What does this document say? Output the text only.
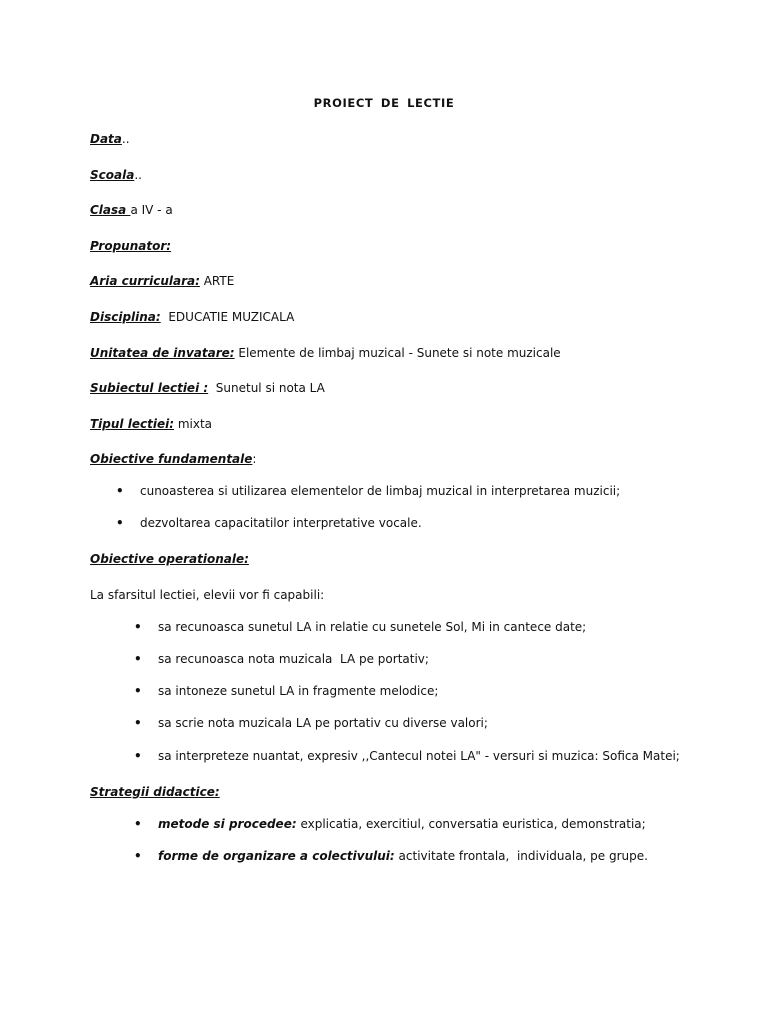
PROIECT DE LECTIE
Data..
Scoala..
Clasa a IV - a
Propunator:
Aria curriculara: ARTE
Disciplina:  EDUCATIE MUZICALA
Unitatea de invatare: Elemente de limbaj muzical - Sunete si note muzicale
Subiectul lectiei :  Sunetul si nota LA
Tipul lectiei: mixta
Obiective fundamentale:
• cunoasterea si utilizarea elementelor de limbaj muzical in interpretarea muzicii;
• dezvoltarea capacitatilor interpretative vocale.
Obiective operationale:
La sfarsitul lectiei, elevii vor fi capabili:
• sa recunoasca sunetul LA in relatie cu sunetele Sol, Mi in cantece date;
• sa recunoasca nota muzicala  LA pe portativ;
• sa intoneze sunetul LA in fragmente melodice;
• sa scrie nota muzicala LA pe portativ cu diverse valori;
• sa interpreteze nuantat, expresiv ,,Cantecul notei LA" - versuri si muzica: Sofica Matei;
Strategii didactice:
• metode si procedee: explicatia, exercitiul, conversatia euristica, demonstratia;
• forme de organizare a colectivului: activitate frontala,  individuala, pe grupe.
